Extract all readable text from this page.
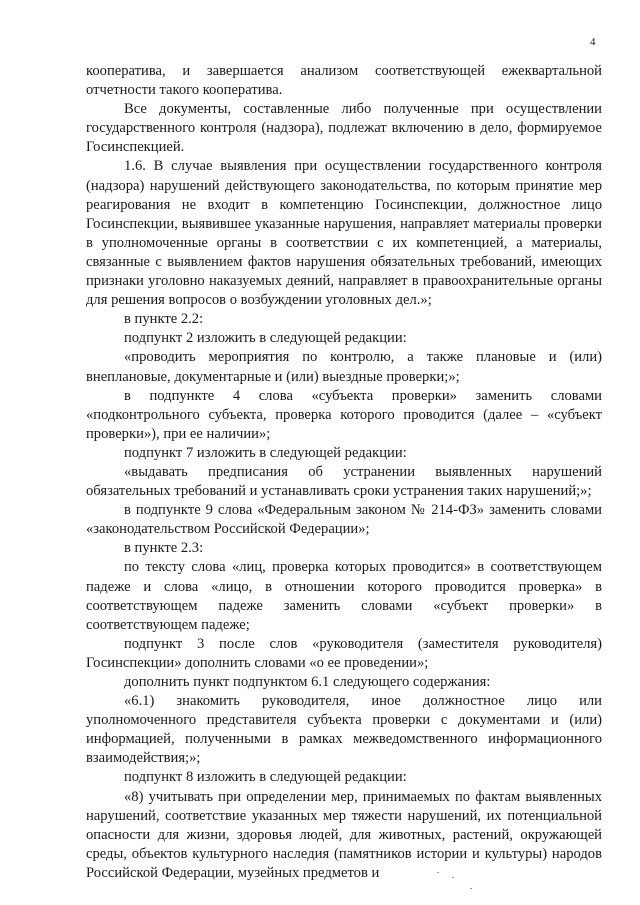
4

кооператива, и завершается анализом соответствующей ежеквартальной отчетности такого кооператива.

Все документы, составленные либо полученные при осуществлении государственного контроля (надзора), подлежат включению в дело, формируемое Госинспекцией.

1.6. В случае выявления при осуществлении государственного контроля (надзора) нарушений действующего законодательства, по которым принятие мер реагирования не входит в компетенцию Госинспекции, должностное лицо Госинспекции, выявившее указанные нарушения, направляет материалы проверки в уполномоченные органы в соответствии с их компетенцией, а материалы, связанные с выявлением фактов нарушения обязательных требований, имеющих признаки уголовно наказуемых деяний, направляет в правоохранительные органы для решения вопросов о возбуждении уголовных дел.»;

в пункте 2.2:

подпункт 2 изложить в следующей редакции:

«проводить мероприятия по контролю, а также плановые и (или) внеплановые, документарные и (или) выездные проверки;»;

в подпункте 4 слова «субъекта проверки» заменить словами «подконтрольного субъекта, проверка которого проводится (далее – «субъект проверки»), при ее наличии»;

подпункт 7 изложить в следующей редакции:

«выдавать предписания об устранении выявленных нарушений обязательных требований и устанавливать сроки устранения таких нарушений;»;

в подпункте 9 слова «Федеральным законом № 214-ФЗ» заменить словами «законодательством Российской Федерации»;

в пункте 2.3:

по тексту слова «лиц, проверка которых проводится» в соответствующем падеже и слова «лицо, в отношении которого проводится проверка» в соответствующем падеже заменить словами «субъект проверки» в соответствующем падеже;

подпункт 3 после слов «руководителя (заместителя руководителя) Госинспекции» дополнить словами «о ее проведении»;

дополнить пункт подпунктом 6.1 следующего содержания:

«6.1) знакомить руководителя, иное должностное лицо или уполномоченного представителя субъекта проверки с документами и (или) информацией, полученными в рамках межведомственного информационного взаимодействия;»;

подпункт 8 изложить в следующей редакции:

«8) учитывать при определении мер, принимаемых по фактам выявленных нарушений, соответствие указанных мер тяжести нарушений, их потенциальной опасности для жизни, здоровья людей, для животных, растений, окружающей среды, объектов культурного наследия (памятников истории и культуры) народов Российской Федерации, музейных предметов и
